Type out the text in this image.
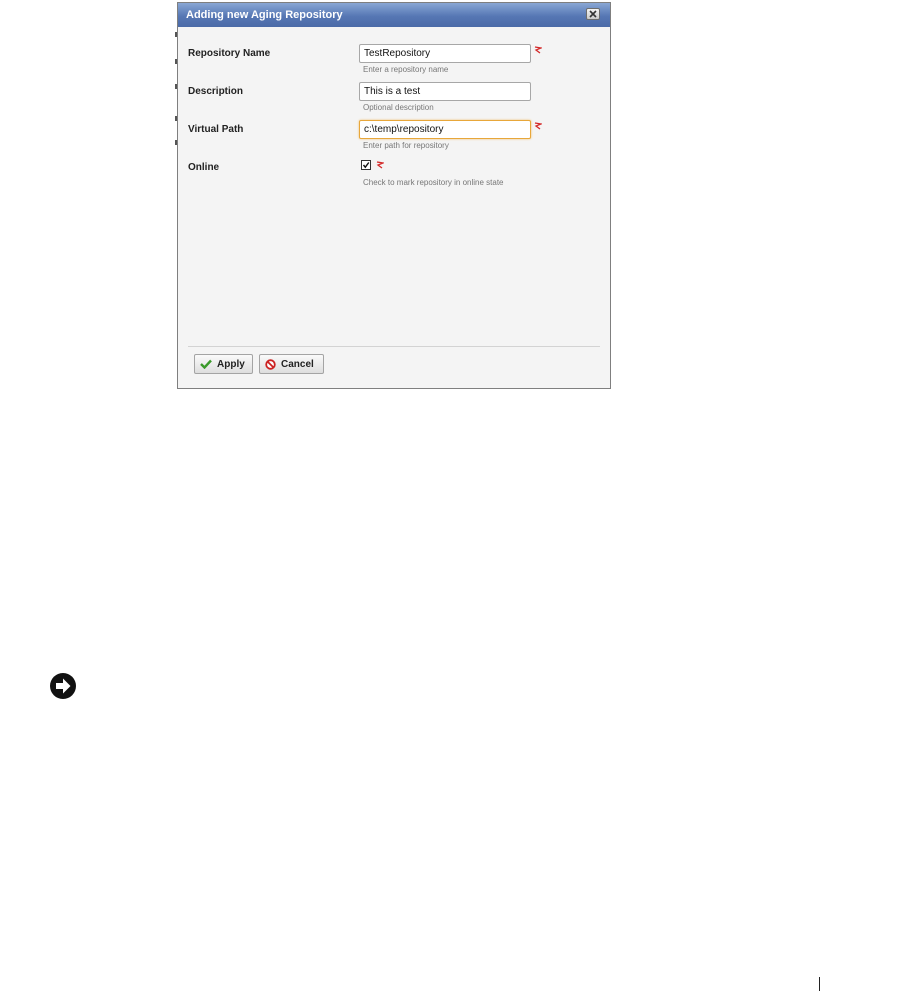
Adding new Aging Repository
Repository Name
TestRepository
Enter a repository name
Description
This is a test
Optional description
Virtual Path
c:\temp\repository
Enter path for repository
Online
Check to mark repository in online state
Apply	Cancel
